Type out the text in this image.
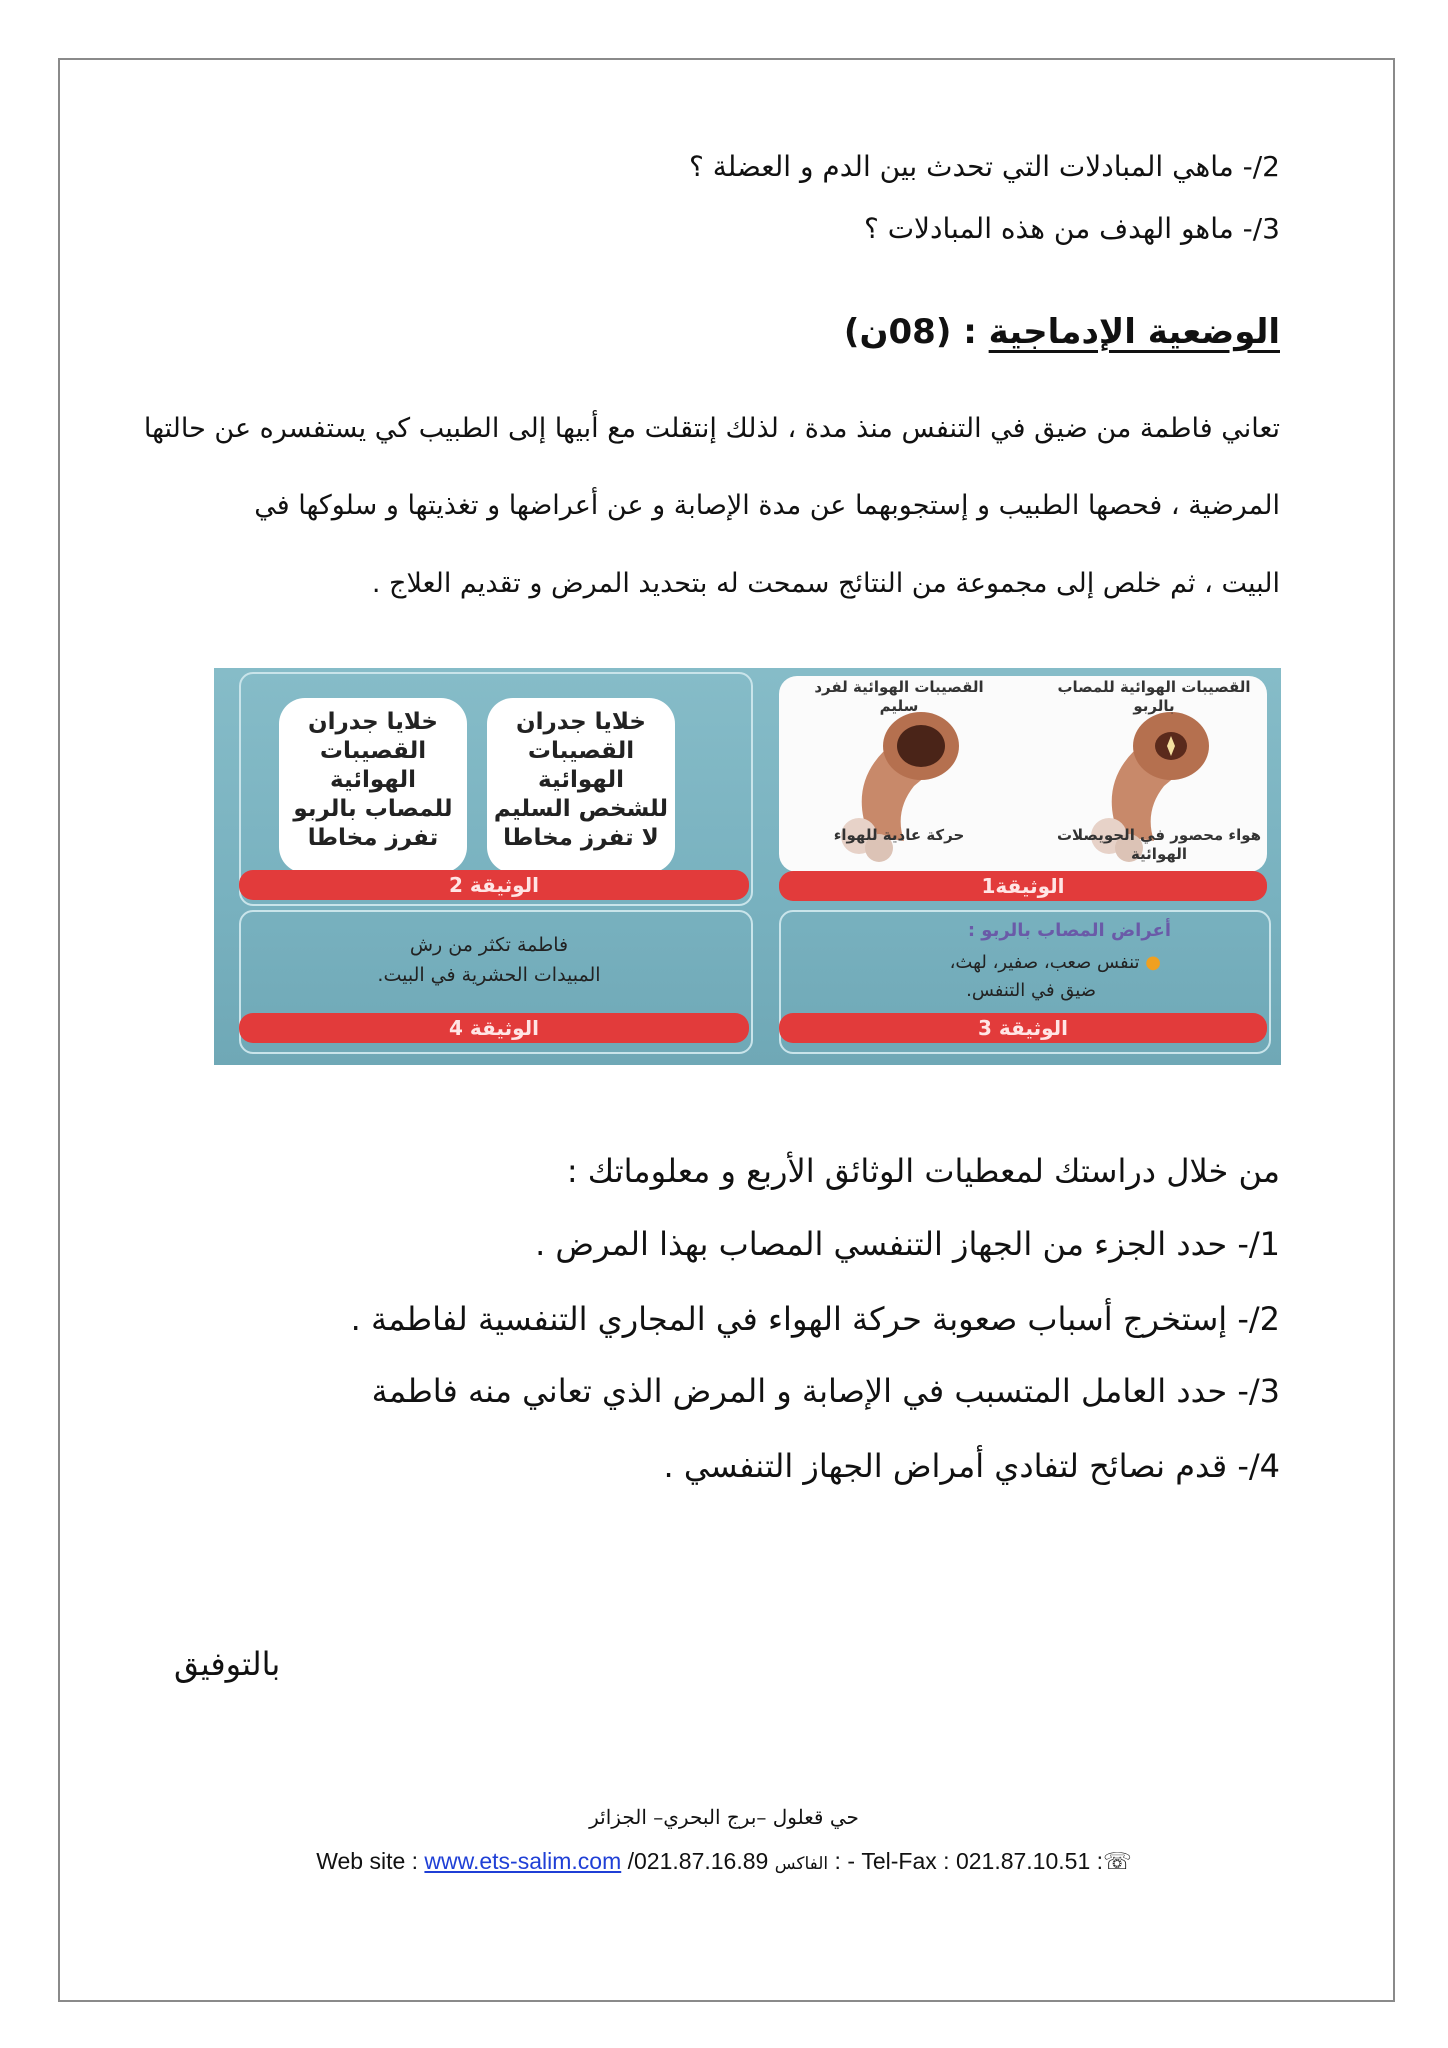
2/- ماهي المبادلات التي تحدث بين الدم و العضلة ؟
3/- ماهو الهدف من هذه المبادلات ؟
الوضعية الإدماجية : (08ن)
تعاني فاطمة من ضيق في التنفس منذ مدة ، لذلك إنتقلت مع أبيها إلى الطبيب كي يستفسره عن حالتها
المرضية ، فحصها الطبيب و إستجوبهما عن مدة الإصابة و عن أعراضها و تغذيتها و سلوكها في
البيت ، ثم خلص إلى مجموعة من النتائج سمحت له بتحديد المرض و تقديم العلاج .
القصيبات الهوائية لفرد سليم
القصيبات الهوائية للمصاب بالربو
حركة عادية للهواء	هواء محصور في الحويصلات الهوائية
الوثيقة1
خلايا جدران
القصيبات
الهوائية
للشخص السليم
لا تفرز مخاطا
خلايا جدران
القصيبات
الهوائية
للمصاب بالربو
تفرز مخاطا
الوثيقة 2
أعراض المصاب بالربو :
● تنفس صعب، صفير، لهث،
ضيق في التنفس.
الوثيقة 3
فاطمة تكثر من رش
المبيدات الحشرية في البيت.
الوثيقة 4
من خلال دراستك لمعطيات الوثائق الأربع و معلوماتك :
1/- حدد الجزء من الجهاز التنفسي المصاب بهذا المرض .
2/- إستخرج أسباب صعوبة حركة الهواء في المجاري التنفسية لفاطمة .
3/- حدد العامل المتسبب في الإصابة و المرض الذي تعاني منه فاطمة
4/- قدم نصائح لتفادي أمراض الجهاز التنفسي .
بالتوفيق
حي قعلول –برج البحري– الجزائر
Web site : www.ets-salim.com /021.87.16.89 الفاكس : - Tel-Fax : 021.87.10.51 :☏
